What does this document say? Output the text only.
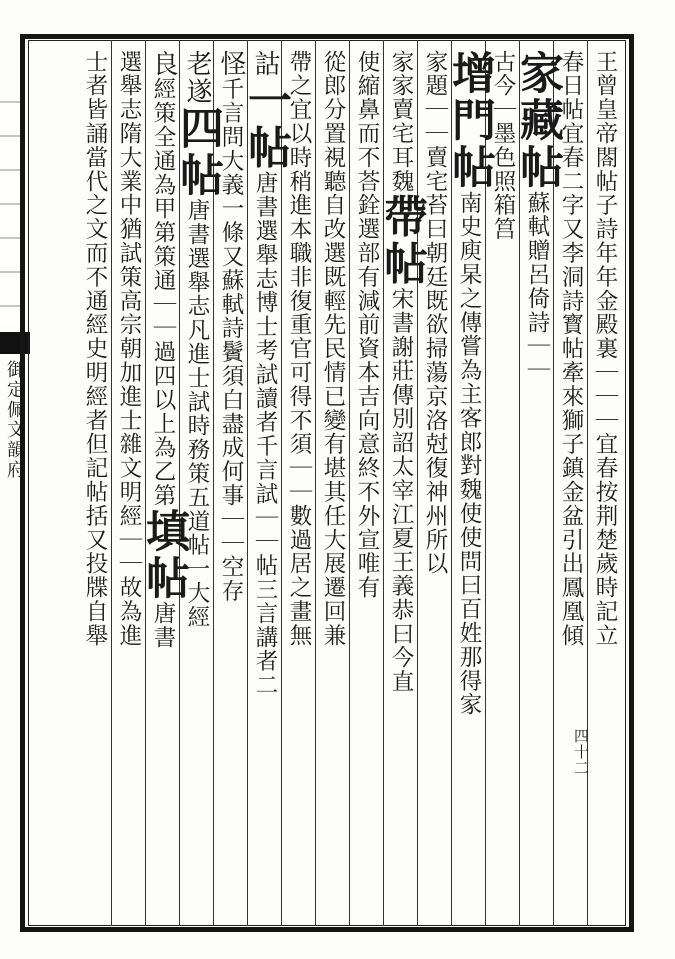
御定佩文韻府	王曾皇帝閤帖子詩年年金殿裏｜｜｜宜春按荆楚歲時記立
春日帖宜春二字又李洞詩寳帖牽來獅子鎮金盆引出鳳凰傾
家藏帖蘇軾贈呂倚詩｜｜
古今｜墨色照箱筥
增門帖南史庾杲之傳嘗為主客郎對魏使使問曰百姓那得家
家題｜｜賣宅苔曰朝廷既欲掃蕩京洛尅復神州所以
家家賣宅耳魏帶帖宋書謝莊傳別詔太宰江夏王義恭曰今直
使縮鼻而不荅銓選部有減前資本吉向意終不外宣唯有
從郎分置視聽自改選既輕先民情已變有堪其任大展遷回兼
帶之宜以時稍進本職非復重官可得不須｜｜數過居之畫無
詁一帖唐書選舉志博士考試讀者千言試｜｜帖三言講者二
怪千言問大義一條又蘇軾詩鬢須白盡成何事｜｜空存
老遂四帖唐書選舉志凡進士試時務策五道帖一大經
良經策全通為甲第策通｜｜過四以上為乙第填帖唐書
選舉志隋大業中猶試策高宗朝加進士雜文明經｜｜故為進
士者皆誦當代之文而不通經史明經者但記帖括又投牒自舉
四十二
